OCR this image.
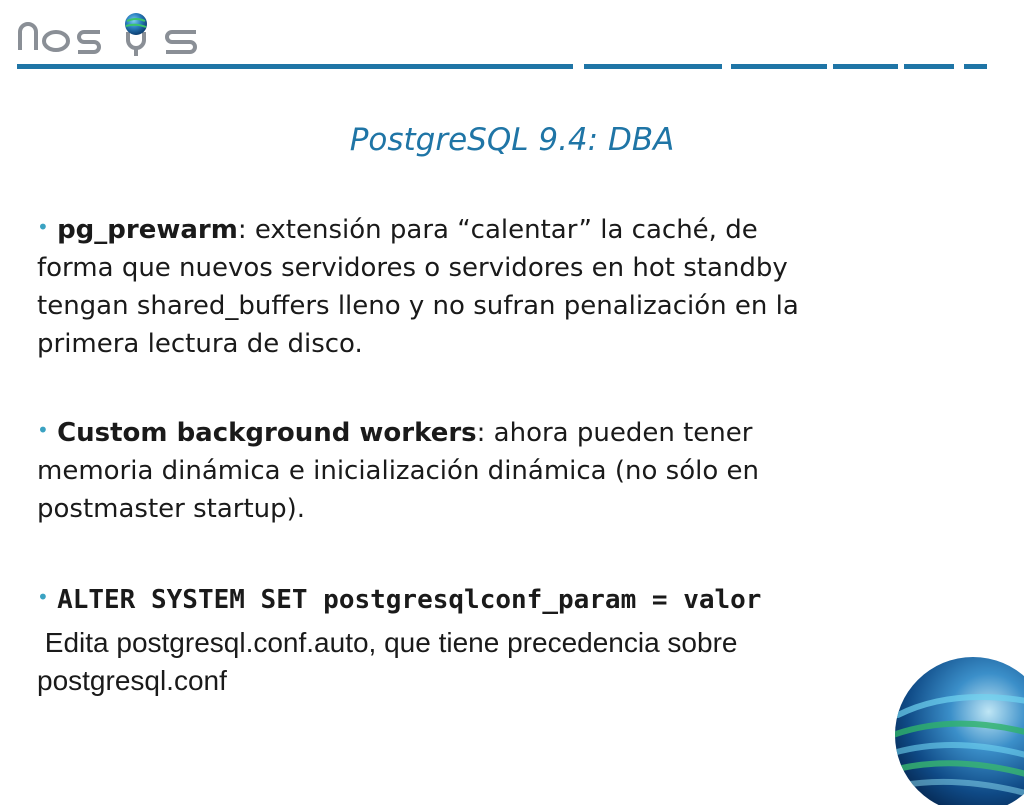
PostgreSQL 9.4: DBA
• pg_prewarm: extensión para “calentar” la caché, de
forma que nuevos servidores o servidores en hot standby
tengan shared_buffers lleno y no sufran penalización en la
primera lectura de disco.
• Custom background workers: ahora pueden tener
memoria dinámica e inicialización dinámica (no sólo en
postmaster startup).
• ALTER SYSTEM SET postgresqlconf_param = valor
Edita postgresql.conf.auto, que tiene precedencia sobre
postgresql.conf
